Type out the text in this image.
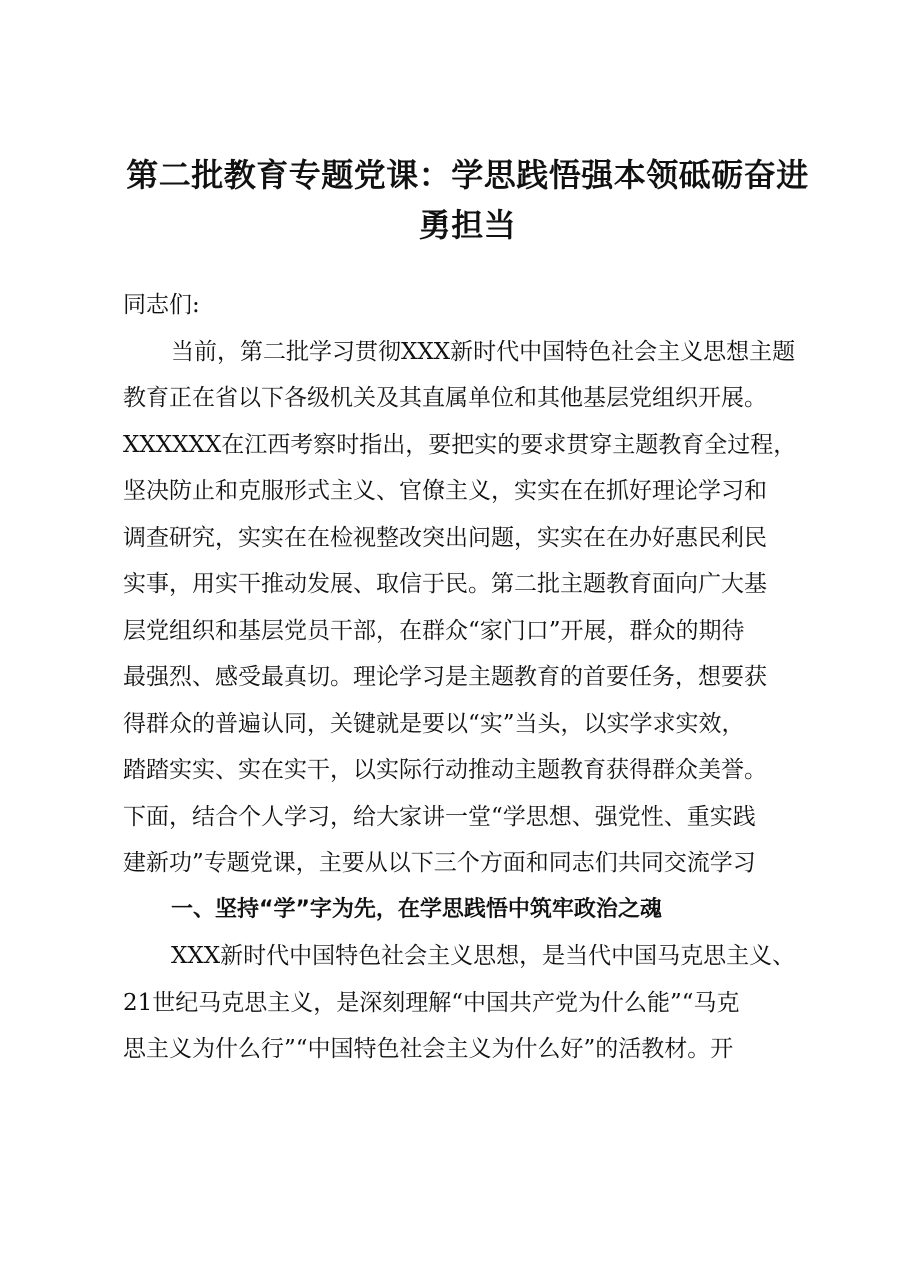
第二批教育专题党课：学思践悟强本领砥砺奋进
勇担当
同志们:
当前，第二批学习贯彻XXX新时代中国特色社会主义思想主题
教育正在省以下各级机关及其直属单位和其他基层党组织开展。
XXXXXX在江西考察时指出，要把实的要求贯穿主题教育全过程，
坚决防止和克服形式主义、官僚主义，实实在在抓好理论学习和
调查研究，实实在在检视整改突出问题，实实在在办好惠民利民
实事，用实干推动发展、取信于民。第二批主题教育面向广大基
层党组织和基层党员干部，在群众“家门口”开展，群众的期待
最强烈、感受最真切。理论学习是主题教育的首要任务，想要获
得群众的普遍认同，关键就是要以“实”当头，以实学求实效，
踏踏实实、实在实干，以实际行动推动主题教育获得群众美誉。
下面，结合个人学习，给大家讲一堂“学思想、强党性、重实践
建新功”专题党课，主要从以下三个方面和同志们共同交流学习
一、坚持“学”字为先，在学思践悟中筑牢政治之魂
XXX新时代中国特色社会主义思想，是当代中国马克思主义、
21世纪马克思主义，是深刻理解“中国共产党为什么能”“马克
思主义为什么行”“中国特色社会主义为什么好”的活教材。开
